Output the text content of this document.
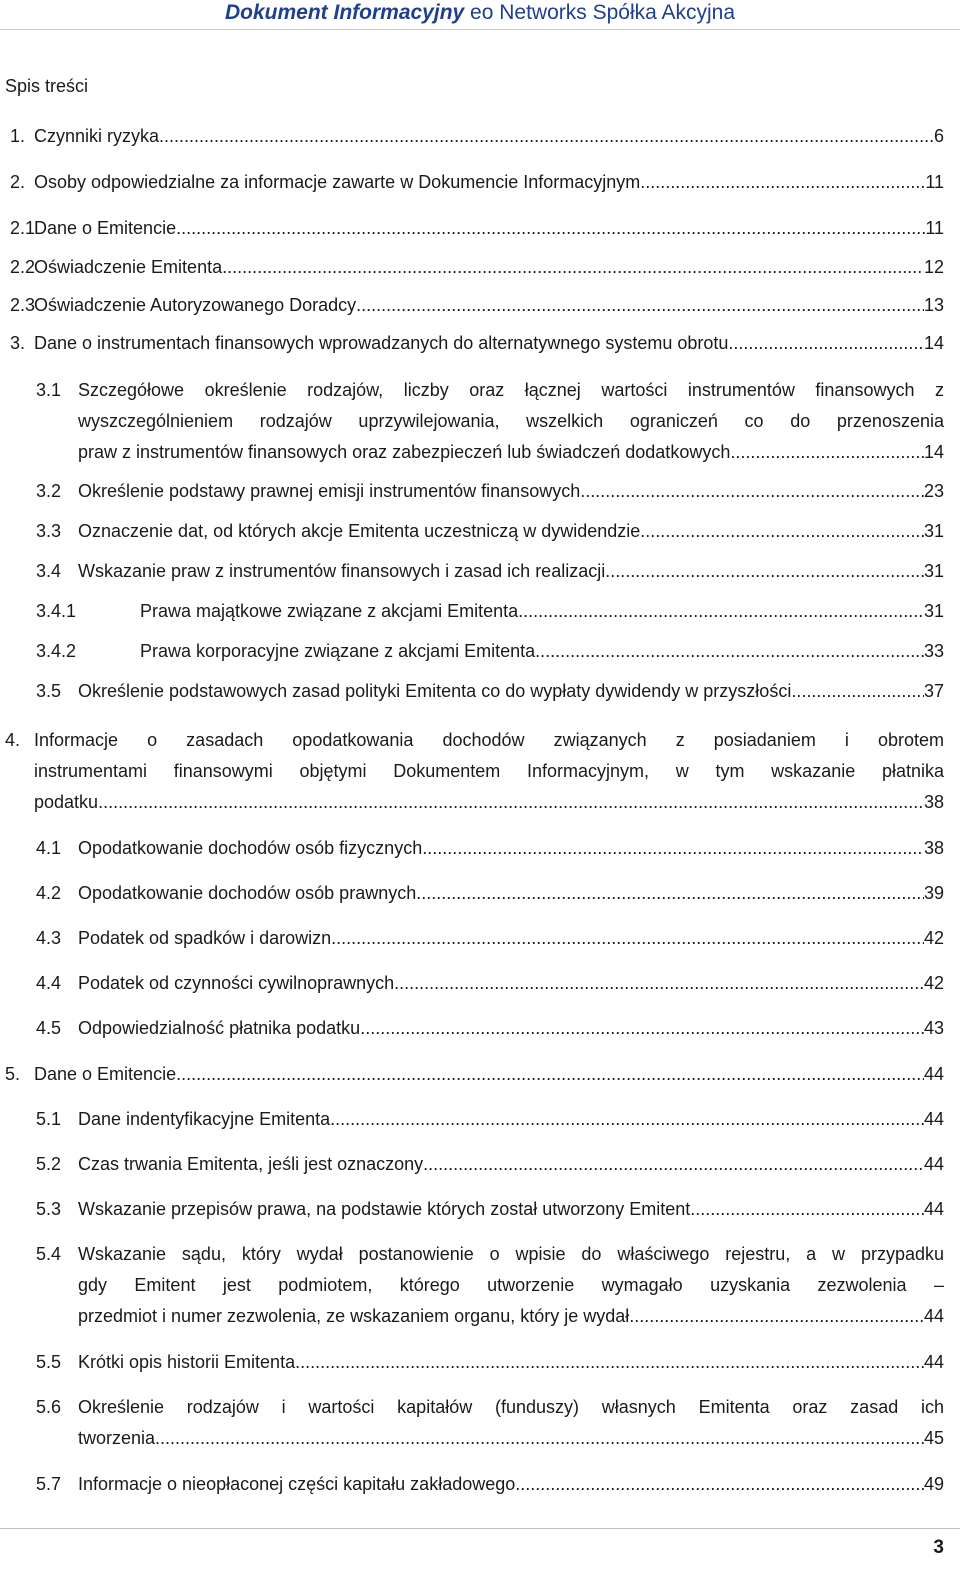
Dokument Informacyjny eo Networks Spółka Akcyjna
Spis treści
1. Czynniki ryzyka .....	6
2. Osoby odpowiedzialne za informacje zawarte w Dokumencie Informacyjnym .....	11
2.1
Dane o Emitencie .....	11
2.2
Oświadczenie Emitenta .....	12
2.3
Oświadczenie Autoryzowanego Doradcy .....	13
3. Dane o instrumentach finansowych wprowadzanych do alternatywnego systemu obrotu .....	14
3.1 Szczegółowe określenie rodzajów, liczby oraz łącznej wartości instrumentów finansowych z
wyszczególnieniem rodzajów uprzywilejowania, wszelkich ograniczeń co do przenoszenia
praw z instrumentów finansowych oraz zabezpieczeń lub świadczeń dodatkowych .....	14
3.2 Określenie podstawy prawnej emisji instrumentów finansowych .....	23
3.3 Oznaczenie dat, od których akcje Emitenta uczestniczą w dywidendzie .....	31
3.4 Wskazanie praw z instrumentów finansowych i zasad ich realizacji. .....	31
3.4.1	Prawa majątkowe związane z akcjami Emitenta .....	31
3.4.2	Prawa korporacyjne związane z akcjami Emitenta .....	33
3.5 Określenie podstawowych zasad polityki Emitenta co do wypłaty dywidendy w przyszłości .....	37
4. Informacje o zasadach opodatkowania dochodów związanych z posiadaniem i obrotem
instrumentami finansowymi objętymi Dokumentem Informacyjnym, w tym wskazanie płatnika
podatku .....	38
4.1 Opodatkowanie dochodów osób fizycznych .....	38
4.2 Opodatkowanie dochodów osób prawnych .....	39
4.3 Podatek od spadków i darowizn .....	42
4.4 Podatek od czynności cywilnoprawnych .....	42
4.5 Odpowiedzialność płatnika podatku .....	43
5. Dane o Emitencie .....	44
5.1 Dane indentyfikacyjne Emitenta .....	44
5.2 Czas trwania Emitenta, jeśli jest oznaczony .....	44
5.3 Wskazanie przepisów prawa, na podstawie których został utworzony Emitent .....	44
5.4 Wskazanie sądu, który wydał postanowienie o wpisie do właściwego rejestru, a w przypadku
gdy Emitent jest podmiotem, którego utworzenie wymagało uzyskania zezwolenia –
przedmiot i numer zezwolenia, ze wskazaniem organu, który je wydał .....	44
5.5 Krótki opis historii Emitenta .....	44
5.6 Określenie rodzajów i wartości kapitałów (funduszy) własnych Emitenta oraz zasad ich
tworzenia .....	45
5.7 Informacje o nieopłaconej części kapitału zakładowego .....	49
3
